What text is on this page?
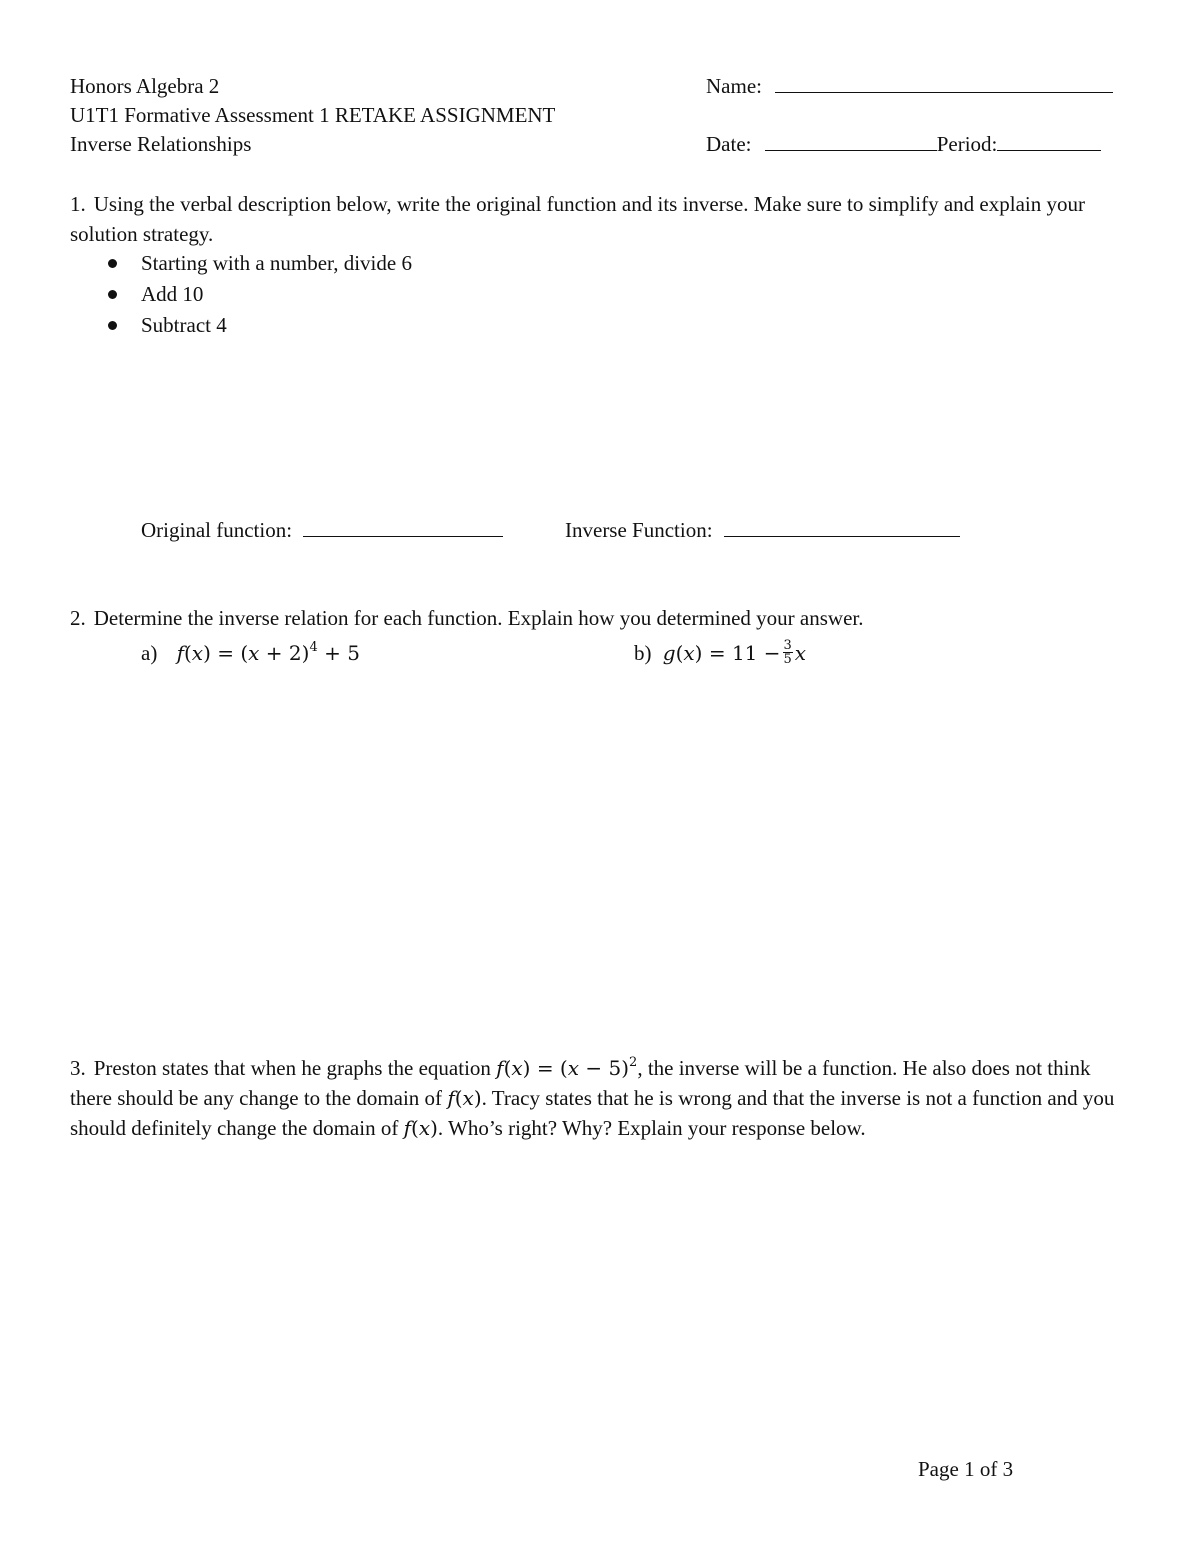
Honors Algebra 2
U1T1 Formative Assessment 1 RETAKE ASSIGNMENT
Inverse Relationships
Name:
Date:	Period:
1. Using the verbal description below, write the original function and its inverse. Make sure to simplify and explain your solution strategy.
Starting with a number, divide 6
Add 10
Subtract 4
Original function:	Inverse Function:
2. Determine the inverse relation for each function. Explain how you determined your answer.
a) $f(x) = (x + 2)^4 + 5$	b) $g(x) = 11 - \frac{3}{5}$ x
3. Preston states that when he graphs the equation $f(x) = (x - 5)^2$, the inverse will be a function. He also does not think there should be any change to the domain of f(x). Tracy states that he is wrong and that the inverse is not a function and you should definitely change the domain of f(x). Who’s right? Why? Explain your response below.
Page 1 of 3
